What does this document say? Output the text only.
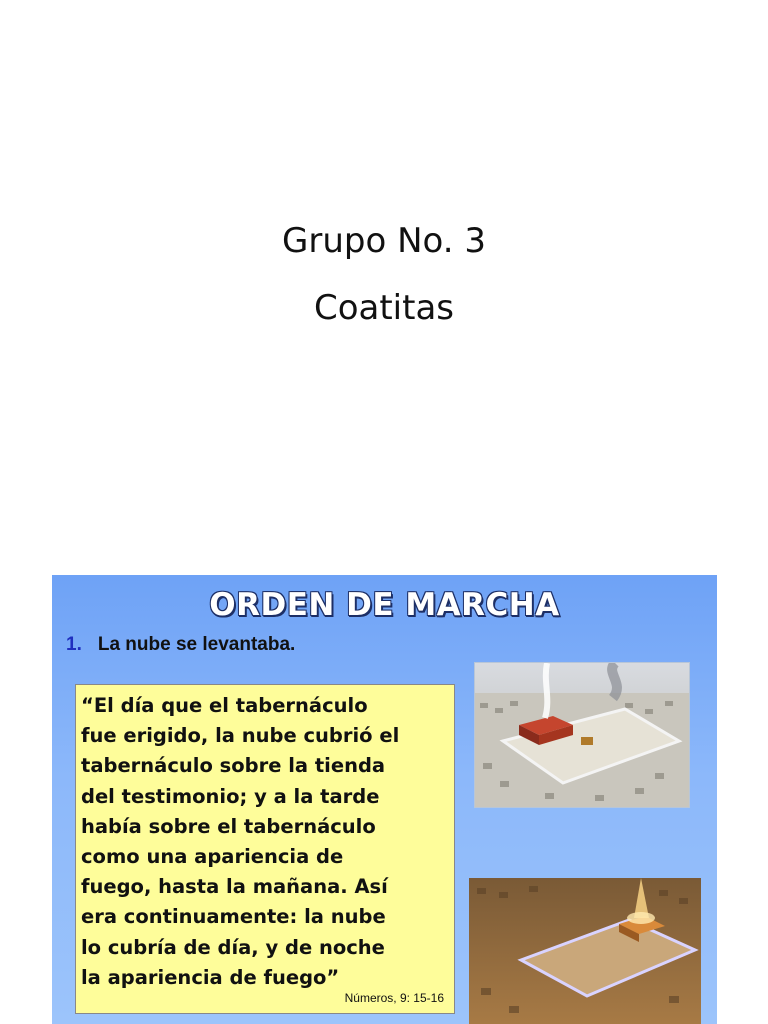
Grupo No. 3
Coatitas
ORDEN DE MARCHA
1. La nube se levantaba.
“El día que el tabernáculo
fue erigido, la nube cubrió el
tabernáculo sobre la tienda
del testimonio; y a la tarde
había sobre el tabernáculo
como una apariencia de
fuego, hasta la mañana. Así
era continuamente: la nube
lo cubría de día, y de noche
la apariencia de fuego”
Números, 9: 15-16
